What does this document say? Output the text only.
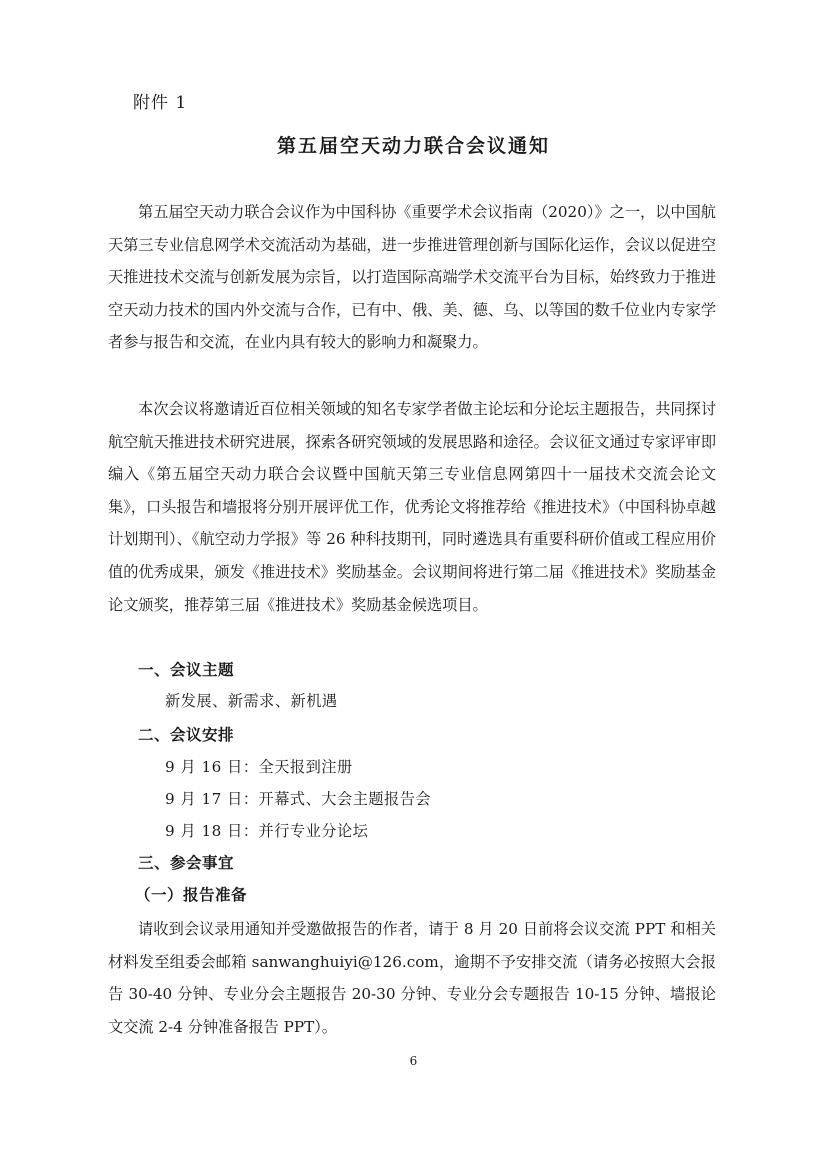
附件 1
第五届空天动力联合会议通知

第五届空天动力联合会议作为中国科协《重要学术会议指南（2020）》之一，以中国航天第三专业信息网学术交流活动为基础，进一步推进管理创新与国际化运作，会议以促进空天推进技术交流与创新发展为宗旨，以打造国际高端学术交流平台为目标，始终致力于推进空天动力技术的国内外交流与合作，已有中、俄、美、德、乌、以等国的数千位业内专家学者参与报告和交流，在业内具有较大的影响力和凝聚力。

本次会议将邀请近百位相关领域的知名专家学者做主论坛和分论坛主题报告，共同探讨航空航天推进技术研究进展，探索各研究领域的发展思路和途径。会议征文通过专家评审即编入《第五届空天动力联合会议暨中国航天第三专业信息网第四十一届技术交流会论文集》，口头报告和墙报将分别开展评优工作，优秀论文将推荐给《推进技术》（中国科协卓越计划期刊）、《航空动力学报》等 26 种科技期刊，同时遴选具有重要科研价值或工程应用价值的优秀成果，颁发《推进技术》奖励基金。会议期间将进行第二届《推进技术》奖励基金论文颁奖，推荐第三届《推进技术》奖励基金候选项目。

一、会议主题
新发展、新需求、新机遇
二、会议安排
9 月 16 日：全天报到注册
9 月 17 日：开幕式、大会主题报告会
9 月 18 日：并行专业分论坛
三、参会事宜
（一）报告准备

请收到会议录用通知并受邀做报告的作者，请于 8 月 20 日前将会议交流 PPT 和相关材料发至组委会邮箱 sanwanghuiyi@126.com，逾期不予安排交流（请务必按照大会报告 30-40 分钟、专业分会主题报告 20-30 分钟、专业分会专题报告 10-15 分钟、墙报论文交流 2-4 分钟准备报告 PPT）。

6
